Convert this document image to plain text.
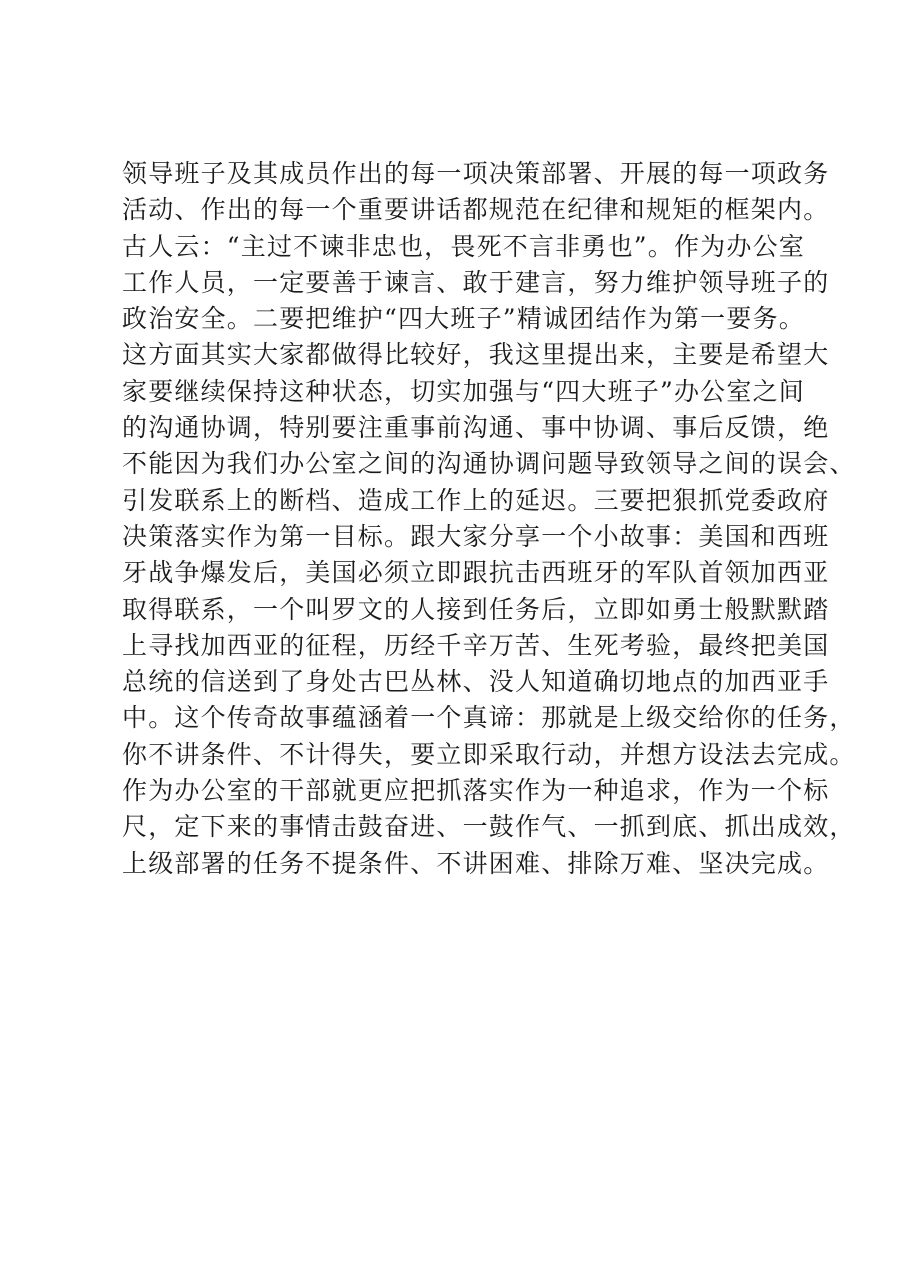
领导班子及其成员作出的每一项决策部署、开展的每一项政务
活动、作出的每一个重要讲话都规范在纪律和规矩的框架内。
古人云：“主过不谏非忠也，畏死不言非勇也”。作为办公室
工作人员，一定要善于谏言、敢于建言，努力维护领导班子的
政治安全。二要把维护“四大班子”精诚团结作为第一要务。
这方面其实大家都做得比较好，我这里提出来，主要是希望大
家要继续保持这种状态，切实加强与“四大班子”办公室之间
的沟通协调，特别要注重事前沟通、事中协调、事后反馈，绝
不能因为我们办公室之间的沟通协调问题导致领导之间的误会、
引发联系上的断档、造成工作上的延迟。三要把狠抓党委政府
决策落实作为第一目标。跟大家分享一个小故事：美国和西班
牙战争爆发后，美国必须立即跟抗击西班牙的军队首领加西亚
取得联系，一个叫罗文的人接到任务后，立即如勇士般默默踏
上寻找加西亚的征程，历经千辛万苦、生死考验，最终把美国
总统的信送到了身处古巴丛林、没人知道确切地点的加西亚手
中。这个传奇故事蕴涵着一个真谛：那就是上级交给你的任务，
你不讲条件、不计得失，要立即采取行动，并想方设法去完成。
作为办公室的干部就更应把抓落实作为一种追求，作为一个标
尺，定下来的事情击鼓奋进、一鼓作气、一抓到底、抓出成效，
上级部署的任务不提条件、不讲困难、排除万难、坚决完成。
